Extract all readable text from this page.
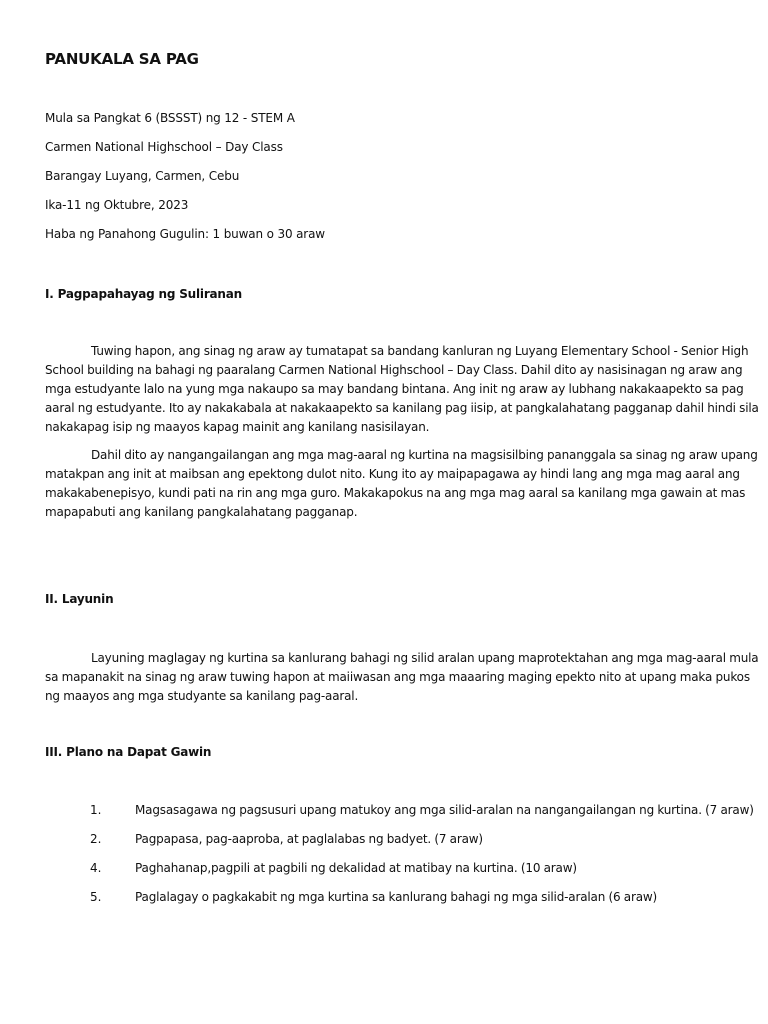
PANUKALA SA PAG
Mula sa Pangkat 6 (BSSST) ng 12 - STEM A
Carmen National Highschool – Day Class
Barangay Luyang, Carmen, Cebu
Ika-11 ng Oktubre, 2023
Haba ng Panahong Gugulin: 1 buwan o 30 araw
I. Pagpapahayag ng Suliranan
Tuwing hapon, ang sinag ng araw ay tumatapat sa bandang kanluran ng Luyang Elementary School - Senior High
School building na bahagi ng paaralang Carmen National Highschool – Day Class. Dahil dito ay nasisinagan ng araw ang
mga estudyante lalo na yung mga nakaupo sa may bandang bintana. Ang init ng araw ay lubhang nakakaapekto sa pag
aaral ng estudyante. Ito ay nakakabala at nakakaapekto sa kanilang pag iisip, at pangkalahatang pagganap dahil hindi sila
nakakapag isip ng maayos kapag mainit ang kanilang nasisilayan.
Dahil dito ay nangangailangan ang mga mag-aaral ng kurtina na magsisilbing pananggala sa sinag ng araw upang
matakpan ang init at maibsan ang epektong dulot nito. Kung ito ay maipapagawa ay hindi lang ang mga mag aaral ang
makakabenepisyo, kundi pati na rin ang mga guro. Makakapokus na ang mga mag aaral sa kanilang mga gawain at mas
mapapabuti ang kanilang pangkalahatang pagganap.
II. Layunin
Layuning maglagay ng kurtina sa kanlurang bahagi ng silid aralan upang maprotektahan ang mga mag-aaral mula
sa mapanakit na sinag ng araw tuwing hapon at maiiwasan ang mga maaaring maging epekto nito at upang maka pukos
ng maayos ang mga studyante sa kanilang pag-aaral.
III. Plano na Dapat Gawin
1.	Magsasagawa ng pagsusuri upang matukoy ang mga silid-aralan na nangangailangan ng kurtina. (7 araw)
2.	Pagpapasa, pag-aaproba, at paglalabas ng badyet. (7 araw)
4.	Paghahanap,pagpili at pagbili ng dekalidad at matibay na kurtina. (10 araw)
5.	Paglalagay o pagkakabit ng mga kurtina sa kanlurang bahagi ng mga silid-aralan (6 araw)
